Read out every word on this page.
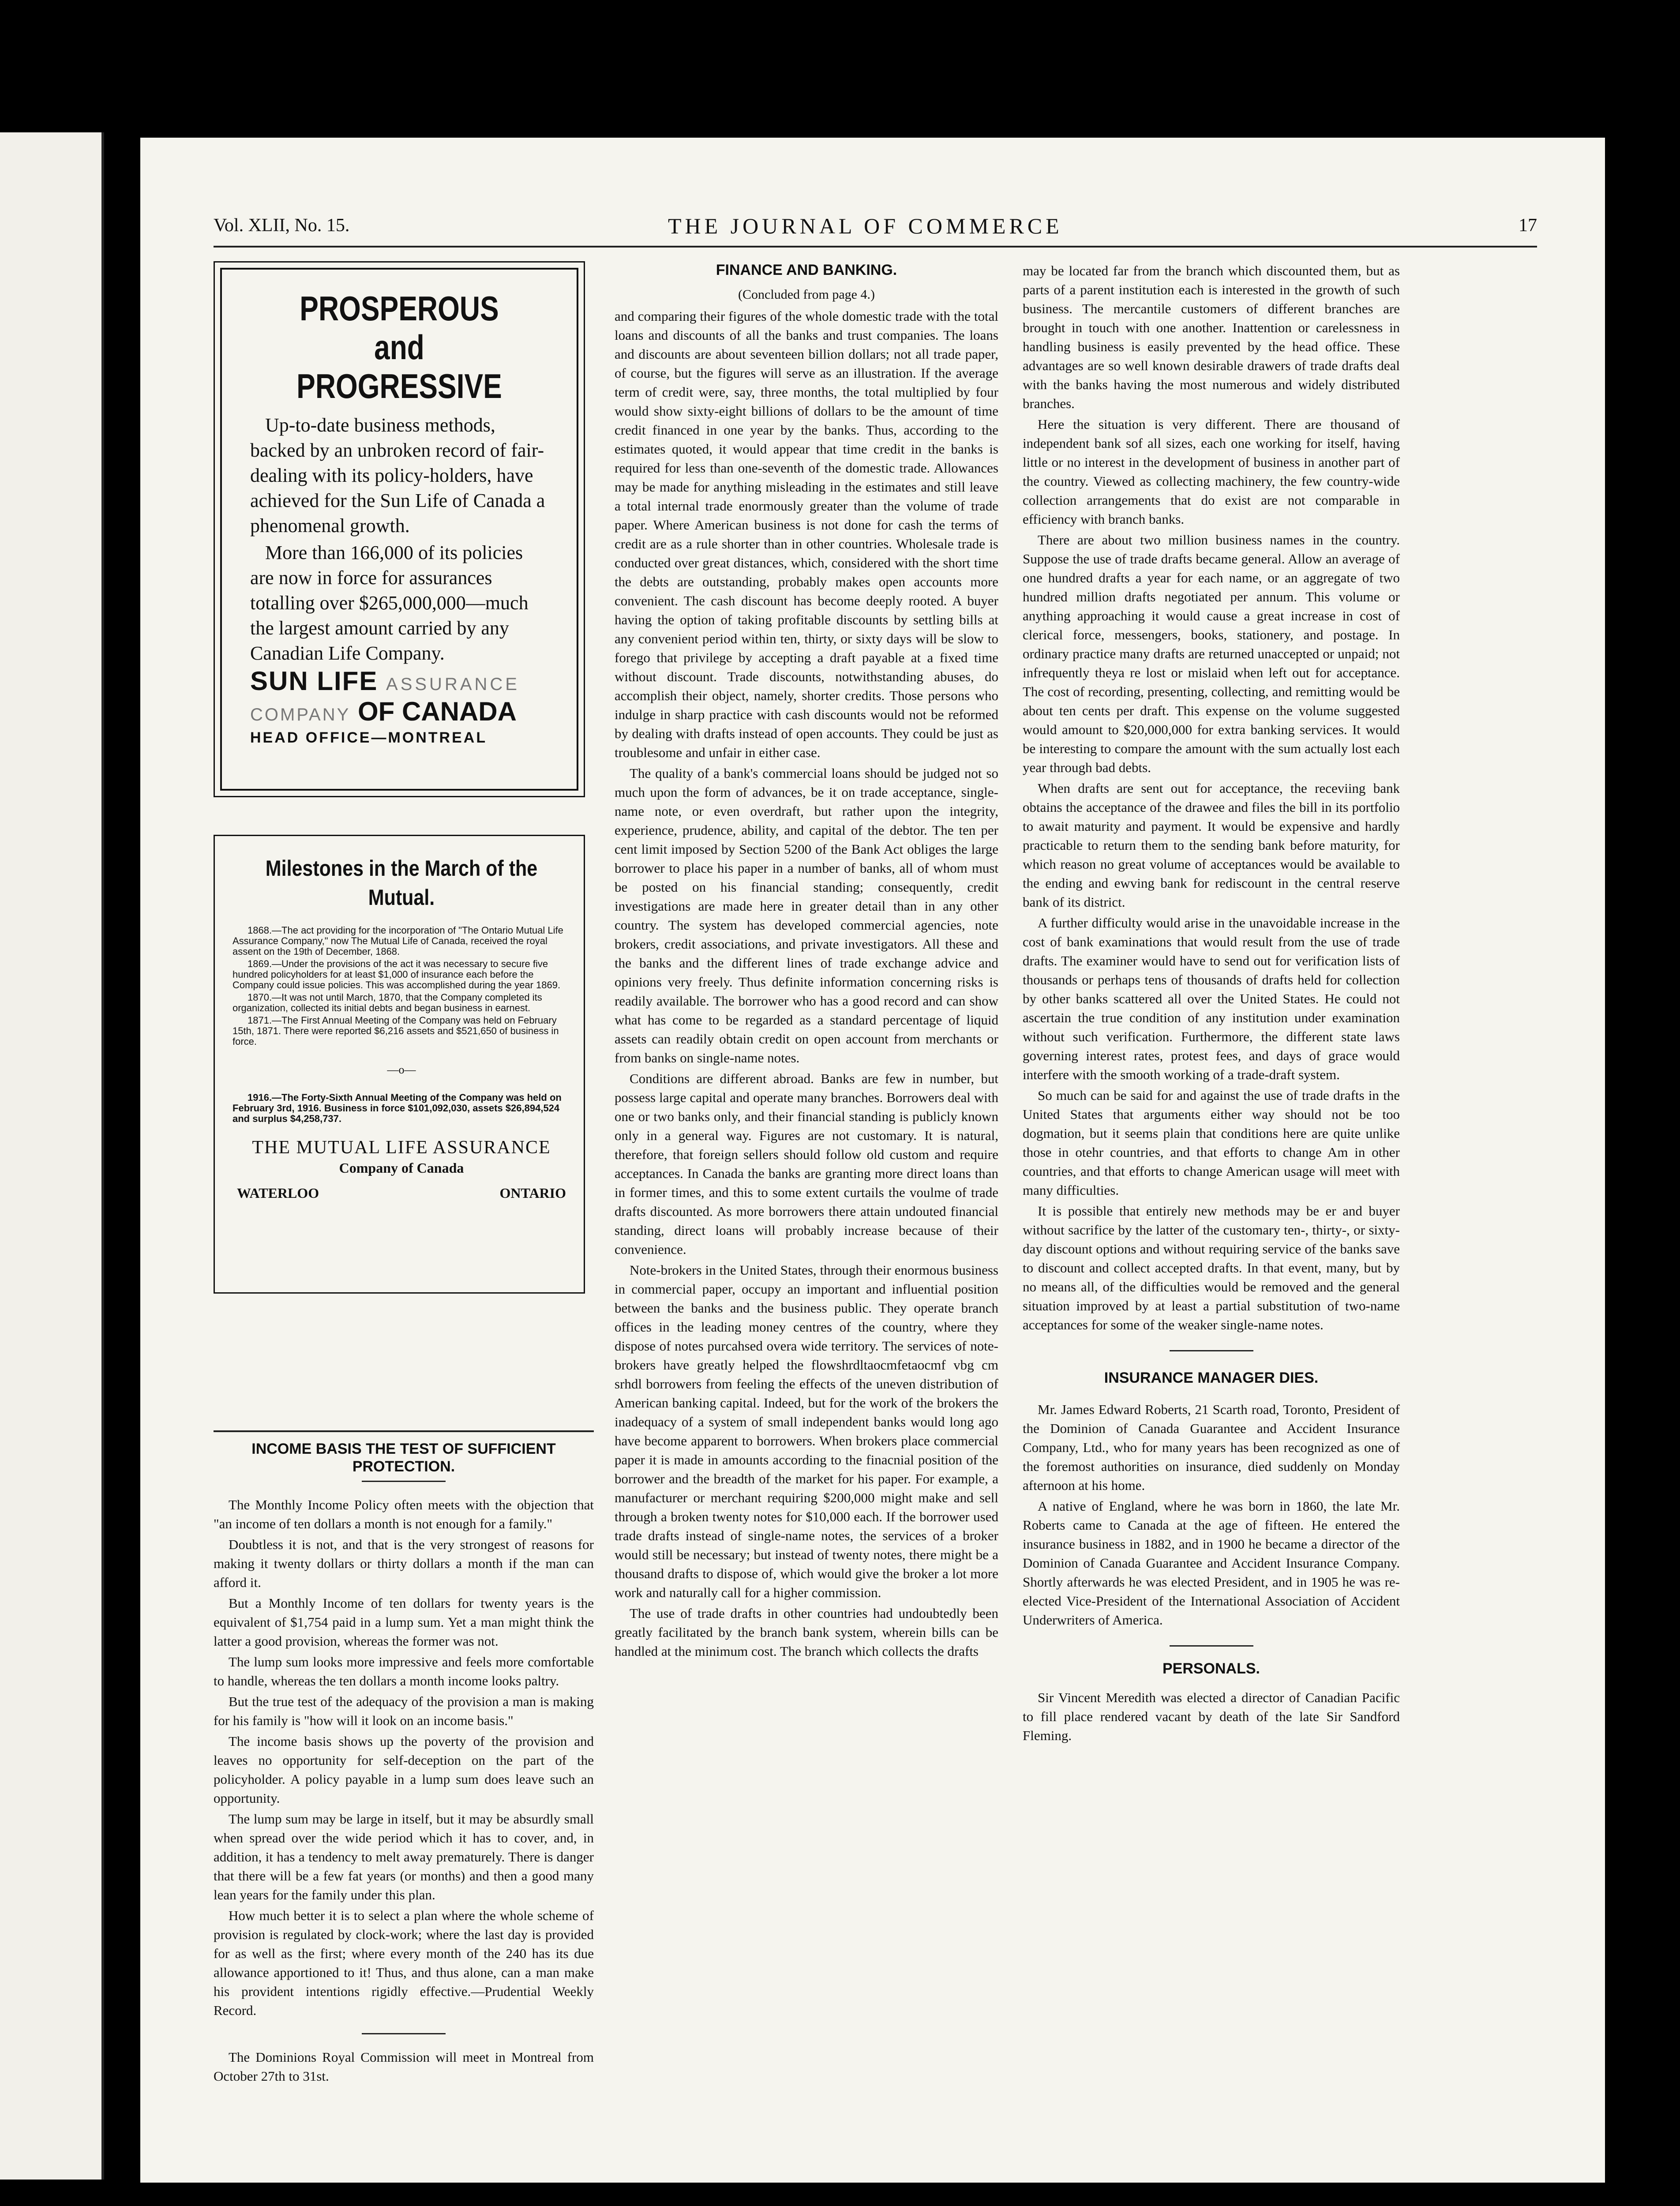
Vol. XLII, No. 15.	THE JOURNAL OF COMMERCE	17
PROSPEROUS and PROGRESSIVE

Up-to-date business methods, backed by an unbroken record of fair-dealing with its policy-holders, have achieved for the Sun Life of Canada a phenomenal growth.

More than 166,000 of its policies are now in force for assurances totalling over $265,000,000—much the largest amount carried by any Canadian Life Company.

SUN LIFE ASSURANCE
COMPANY OF CANADA
HEAD OFFICE—MONTREAL
Milestones in the March of the Mutual.

1868.—The act providing for the incorporation of "The Ontario Mutual Life Assurance Company," now The Mutual Life of Canada, received the royal assent on the 19th of December, 1868.

1869.—Under the provisions of the act it was necessary to secure five hundred policyholders for at least $1,000 of insurance each before the Company could issue policies. This was accomplished during the year 1869.

1870.—It was not until March, 1870, that the Company completed its organization, collected its initial debts and began business in earnest.

1871.—The First Annual Meeting of the Company was held on February 15th, 1871. There were reported $6,216 assets and $521,650 of business in force.

—o—

1916.—The Forty-Sixth Annual Meeting of the Company was held on February 3rd, 1916. Business in force $101,092,030, assets $26,894,524 and surplus $4,258,737.

THE MUTUAL LIFE ASSURANCE
Company of Canada
WATERLOO	ONTARIO
INCOME BASIS THE TEST OF SUFFICIENT PROTECTION.

The Monthly Income Policy often meets with the objection that "an income of ten dollars a month is not enough for a family."

Doubtless it is not, and that is the very strongest of reasons for making it twenty dollars or thirty dollars a month if the man can afford it.

But a Monthly Income of ten dollars for twenty years is the equivalent of $1,754 paid in a lump sum. Yet a man might think the latter a good provision, whereas the former was not.

The lump sum looks more impressive and feels more comfortable to handle, whereas the ten dollars a month income looks paltry.

But the true test of the adequacy of the provision a man is making for his family is "how will it look on an income basis."

The income basis shows up the poverty of the provision and leaves no opportunity for self-deception on the part of the policyholder. A policy payable in a lump sum does leave such an opportunity.

The lump sum may be large in itself, but it may be absurdly small when spread over the wide period which it has to cover, and, in addition, it has a tendency to melt away prematurely. There is danger that there will be a few fat years (or months) and then a good many lean years for the family under this plan.

How much better it is to select a plan where the whole scheme of provision is regulated by clock-work; where the last day is provided for as well as the first; where every month of the 240 has its due allowance apportioned to it! Thus, and thus alone, can a man make his provident intentions rigidly effective.—Prudential Weekly Record.

The Dominions Royal Commission will meet in Montreal from October 27th to 31st.

FINANCE AND BANKING.
(Concluded from page 4.)

and comparing their figures of the whole domestic trade with the total loans and discounts of all the banks and trust companies. The loans and discounts are about seventeen billion dollars; not all trade paper, of course, but the figures will serve as an illustration. If the average term of credit were, say, three months, the total multiplied by four would show sixty-eight billions of dollars to be the amount of time credit financed in one year by the banks. Thus, according to the estimates quoted, it would appear that time credit in the banks is required for less than one-seventh of the domestic trade. Allowances may be made for anything misleading in the estimates and still leave a total internal trade enormously greater than the volume of trade paper. Where American business is not done for cash the terms of credit are as a rule shorter than in other countries. Wholesale trade is conducted over great distances, which, considered with the short time the debts are outstanding, probably makes open accounts more convenient. The cash discount has become deeply rooted. A buyer having the option of taking profitable discounts by settling bills at any convenient period within ten, thirty, or sixty days will be slow to forego that privilege by accepting a draft payable at a fixed time without discount. Trade discounts, notwithstanding abuses, do accomplish their object, namely, shorter credits. Those persons who indulge in sharp practice with cash discounts would not be reformed by dealing with drafts instead of open accounts. They could be just as troublesome and unfair in either case.

The quality of a bank's commercial loans should be judged not so much upon the form of advances, be it on trade acceptance, single-name note, or even overdraft, but rather upon the integrity, experience, prudence, ability, and capital of the debtor. The ten per cent limit imposed by Section 5200 of the Bank Act obliges the large borrower to place his paper in a number of banks, all of whom must be posted on his financial standing; consequently, credit investigations are made here in greater detail than in any other country. The system has developed commercial agencies, note brokers, credit associations, and private investigators. All these and the banks and the different lines of trade exchange advice and opinions very freely. Thus definite information concerning risks is readily available. The borrower who has a good record and can show what has come to be regarded as a standard percentage of liquid assets can readily obtain credit on open account from merchants or from banks on single-name notes.

Conditions are different abroad. Banks are few in number, but possess large capital and operate many branches. Borrowers deal with one or two banks only, and their financial standing is publicly known only in a general way. Figures are not customary. It is natural, therefore, that foreign sellers should follow old custom and require acceptances. In Canada the banks are granting more direct loans than in former times, and this to some extent curtails the voulme of trade drafts discounted. As more borrowers there attain undouted financial standing, direct loans will probably increase because of their convenience.

Note-brokers in the United States, through their enormous business in commercial paper, occupy an important and influential position between the banks and the business public. They operate branch offices in the leading money centres of the country, where they dispose of notes purcahsed overa wide territory. The services of note-brokers have greatly helped the flowshrdltaocmfetaocmf vbg cm srhdl borrowers from feeling the effects of the uneven distribution of American banking capital. Indeed, but for the work of the brokers the inadequacy of a system of small independent banks would long ago have become apparent to borrowers. When brokers place commercial paper it is made in amounts according to the finacnial position of the borrower and the breadth of the market for his paper. For example, a manufacturer or merchant requiring $200,000 might make and sell through a broken twenty notes for $10,000 each. If the borrower used trade drafts instead of single-name notes, the services of a broker would still be necessary; but instead of twenty notes, there might be a thousand drafts to dispose of, which would give the broker a lot more work and naturally call for a higher commission.

The use of trade drafts in other countries had undoubtedly been greatly facilitated by the branch bank system, wherein bills can be handled at the minimum cost. The branch which collects the drafts

may be located far from the branch which discounted them, but as parts of a parent institution each is interested in the growth of such business. The mercantile customers of different branches are brought in touch with one another. Inattention or carelessness in handling business is easily prevented by the head office. These advantages are so well known desirable drawers of trade drafts deal with the banks having the most numerous and widely distributed branches.

Here the situation is very different. There are thousand of independent bank sof all sizes, each one working for itself, having little or no interest in the development of business in another part of the country. Viewed as collecting machinery, the few country-wide collection arrangements that do exist are not comparable in efficiency with branch banks.

There are about two million business names in the country. Suppose the use of trade drafts became general. Allow an average of one hundred drafts a year for each name, or an aggregate of two hundred million drafts negotiated per annum. This volume or anything approaching it would cause a great increase in cost of clerical force, messengers, books, stationery, and postage. In ordinary practice many drafts are returned unaccepted or unpaid; not infrequently theya re lost or mislaid when left out for acceptance. The cost of recording, presenting, collecting, and remitting would be about ten cents per draft. This expense on the volume suggested would amount to $20,000,000 for extra banking services. It would be interesting to compare the amount with the sum actually lost each year through bad debts.

When drafts are sent out for acceptance, the receviing bank obtains the acceptance of the drawee and files the bill in its portfolio to await maturity and payment. It would be expensive and hardly practicable to return them to the sending bank before maturity, for which reason no great volume of acceptances would be available to the ending and ewving bank for rediscount in the central reserve bank of its district.

A further difficulty would arise in the unavoidable increase in the cost of bank examinations that would result from the use of trade drafts. The examiner would have to send out for verification lists of thousands or perhaps tens of thousands of drafts held for collection by other banks scattered all over the United States. He could not ascertain the true condition of any institution under examination without such verification. Furthermore, the different state laws governing interest rates, protest fees, and days of grace would interfere with the smooth working of a trade-draft system.

So much can be said for and against the use of trade drafts in the United States that arguments either way should not be too dogmation, but it seems plain that conditions here are quite unlike those in otehr countries, and that efforts to change Am in other countries, and that efforts to change American usage will meet with many difficulties.

It is possible that entirely new methods may be er and buyer without sacrifice by the latter of the customary ten-, thirty-, or sixty-day discount options and without requiring service of the banks save to discount and collect accepted drafts. In that event, many, but by no means all, of the difficulties would be removed and the general situation improved by at least a partial substitution of two-name acceptances for some of the weaker single-name notes.

INSURANCE MANAGER DIES.

Mr. James Edward Roberts, 21 Scarth road, Toronto, President of the Dominion of Canada Guarantee and Accident Insurance Company, Ltd., who for many years has been recognized as one of the foremost authorities on insurance, died suddenly on Monday afternoon at his home.

A native of England, where he was born in 1860, the late Mr. Roberts came to Canada at the age of fifteen. He entered the insurance business in 1882, and in 1900 he became a director of the Dominion of Canada Guarantee and Accident Insurance Company. Shortly afterwards he was elected President, and in 1905 he was re-elected Vice-President of the International Association of Accident Underwriters of America.

PERSONALS.

Sir Vincent Meredith was elected a director of Canadian Pacific to fill place rendered vacant by death of the late Sir Sandford Fleming.
